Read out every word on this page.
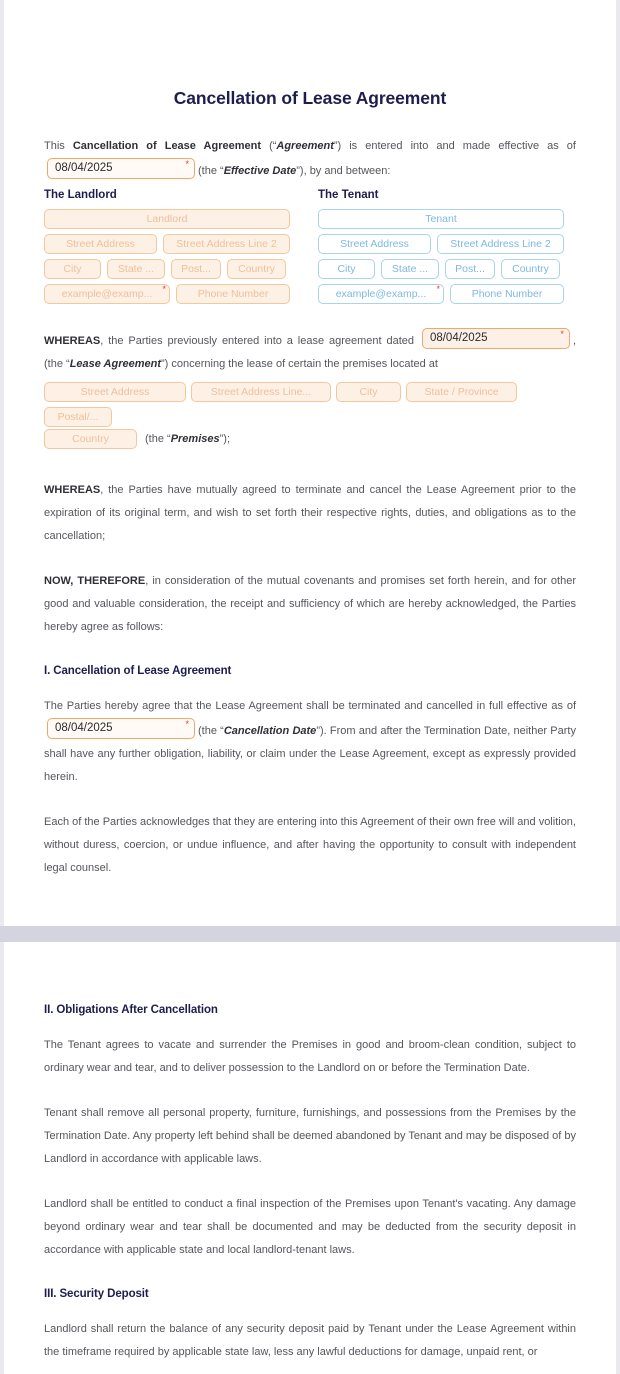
Cancellation of Lease Agreement

This Cancellation of Lease Agreement (“Agreement”) is entered into and made effective as of 08/04/2025	*
(the “Effective Date”), by and between:

The Landlord
Landlord
Street Address	Street Address Line 2
City	State ...	Post...	Country
example@examp... *	Phone Number
The Tenant
Tenant
Street Address	Street Address Line 2
City	State ...	Post...	Country
example@examp... *	Phone Number

WHEREAS, the Parties previously entered into a lease agreement dated 08/04/2025	*
, (the “Lease Agreement”) concerning the lease of certain the premises located at

Street Address	Street Address Line...	City	State / Province
Postal/...
Country	(the “Premises”);

WHEREAS, the Parties have mutually agreed to terminate and cancel the Lease Agreement prior to the expiration of its original term, and wish to set forth their respective rights, duties, and obligations as to the cancellation;

NOW, THEREFORE, in consideration of the mutual covenants and promises set forth herein, and for other good and valuable consideration, the receipt and sufficiency of which are hereby acknowledged, the Parties hereby agree as follows:

I. Cancellation of Lease Agreement

The Parties hereby agree that the Lease Agreement shall be terminated and cancelled in full effective as of 08/04/2025	*
(the “Cancellation Date”). From and after the Termination Date, neither Party shall have any further obligation, liability, or claim under the Lease Agreement, except as expressly provided herein.

Each of the Parties acknowledges that they are entering into this Agreement of their own free will and volition, without duress, coercion, or undue influence, and after having the opportunity to consult with independent legal counsel.

II. Obligations After Cancellation

The Tenant agrees to vacate and surrender the Premises in good and broom-clean condition, subject to ordinary wear and tear, and to deliver possession to the Landlord on or before the Termination Date.

Tenant shall remove all personal property, furniture, furnishings, and possessions from the Premises by the Termination Date. Any property left behind shall be deemed abandoned by Tenant and may be disposed of by Landlord in accordance with applicable laws.

Landlord shall be entitled to conduct a final inspection of the Premises upon Tenant's vacating. Any damage beyond ordinary wear and tear shall be documented and may be deducted from the security deposit in accordance with applicable state and local landlord-tenant laws.

III. Security Deposit

Landlord shall return the balance of any security deposit paid by Tenant under the Lease Agreement within the timeframe required by applicable state law, less any lawful deductions for damage, unpaid rent, or
